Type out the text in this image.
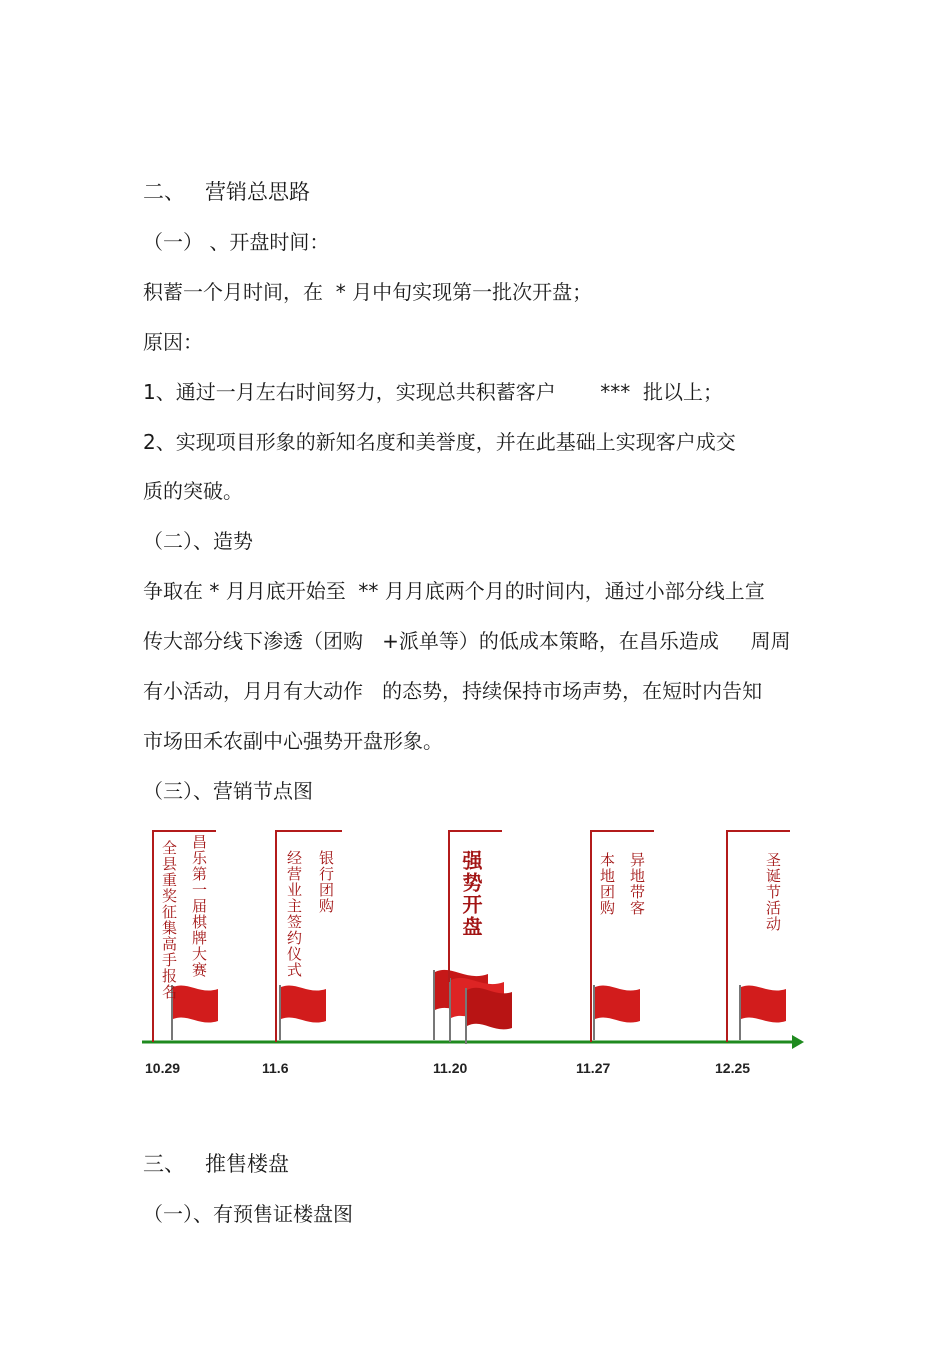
二、   营销总思路
（一） 、开盘时间：
积蓄一个月时间，在  * 月中旬实现第一批次开盘；
原因：
1、通过一月左右时间努力，实现总共积蓄客户       ***  批以上；
2、实现项目形象的新知名度和美誉度，并在此基础上实现客户成交
质的突破。
（二）、造势
争取在 * 月月底开始至  ** 月月底两个月的时间内，通过小部分线上宣
传大部分线下渗透（团购   +派单等）的低成本策略，在昌乐造成     周周
有小活动，月月有大动作   的态势，持续保持市场声势，在短时内告知
市场田禾农副中心强势开盘形象。
（三）、营销节点图
全县重奖征集高手报名 昌乐第一届棋牌大赛
10.29
经营业主签约仪式 银行团购
11.6
强势开盘
11.20
本地团购 异地带客
11.27
圣诞节活动
12.25
三、   推售楼盘
（一）、有预售证楼盘图
